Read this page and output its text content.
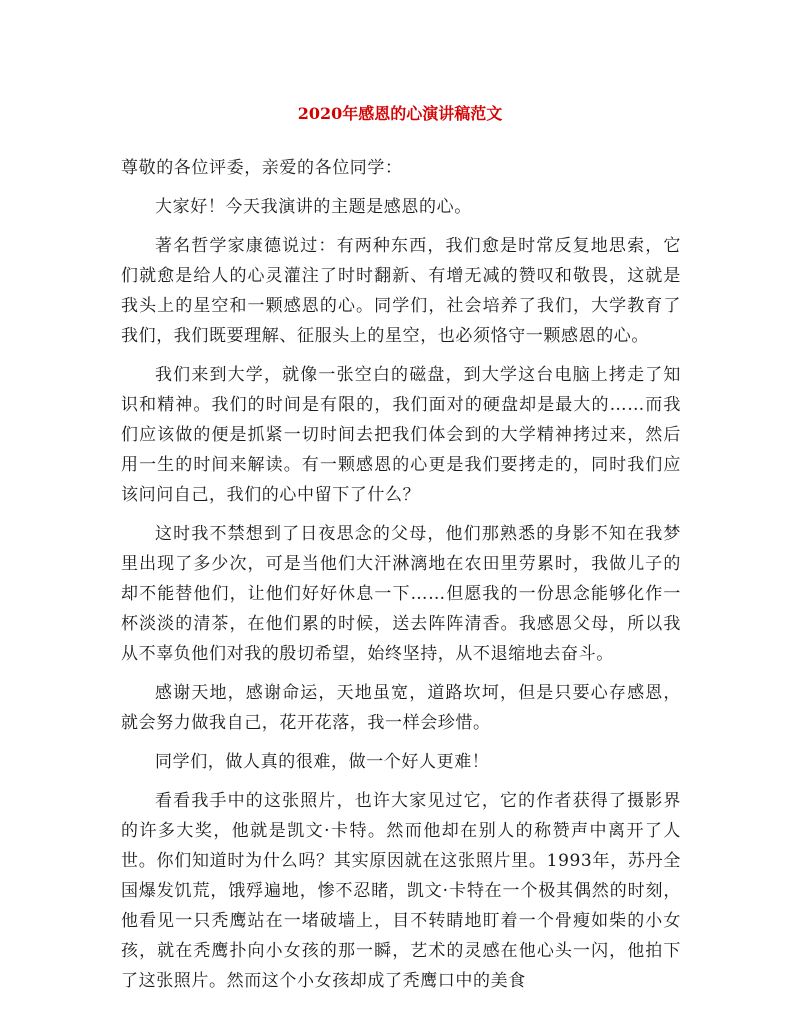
2020年感恩的心演讲稿范文

尊敬的各位评委，亲爱的各位同学：

大家好！今天我演讲的主题是感恩的心。

著名哲学家康德说过：有两种东西，我们愈是时常反复地思索，它们就愈是给人的心灵灌注了时时翻新、有增无减的赞叹和敬畏，这就是我头上的星空和一颗感恩的心。同学们，社会培养了我们，大学教育了我们，我们既要理解、征服头上的星空，也必须恪守一颗感恩的心。

我们来到大学，就像一张空白的磁盘，到大学这台电脑上拷走了知识和精神。我们的时间是有限的，我们面对的硬盘却是最大的……而我们应该做的便是抓紧一切时间去把我们体会到的大学精神拷过来，然后用一生的时间来解读。有一颗感恩的心更是我们要拷走的，同时我们应该问问自己，我们的心中留下了什么？

这时我不禁想到了日夜思念的父母，他们那熟悉的身影不知在我梦里出现了多少次，可是当他们大汗淋漓地在农田里劳累时，我做儿子的却不能替他们，让他们好好休息一下……但愿我的一份思念能够化作一杯淡淡的清茶，在他们累的时候，送去阵阵清香。我感恩父母，所以我从不辜负他们对我的殷切希望，始终坚持，从不退缩地去奋斗。

感谢天地，感谢命运，天地虽宽，道路坎坷，但是只要心存感恩，就会努力做我自己，花开花落，我一样会珍惜。

同学们，做人真的很难，做一个好人更难！

看看我手中的这张照片，也许大家见过它，它的作者获得了摄影界的许多大奖，他就是凯文·卡特。然而他却在别人的称赞声中离开了人世。你们知道时为什么吗？其实原因就在这张照片里。1993年，苏丹全国爆发饥荒，饿殍遍地，惨不忍睹，凯文·卡特在一个极其偶然的时刻，他看见一只秃鹰站在一堵破墙上，目不转睛地盯着一个骨瘦如柴的小女孩，就在秃鹰扑向小女孩的那一瞬，艺术的灵感在他心头一闪，他拍下了这张照片。然而这个小女孩却成了秃鹰口中的美食
